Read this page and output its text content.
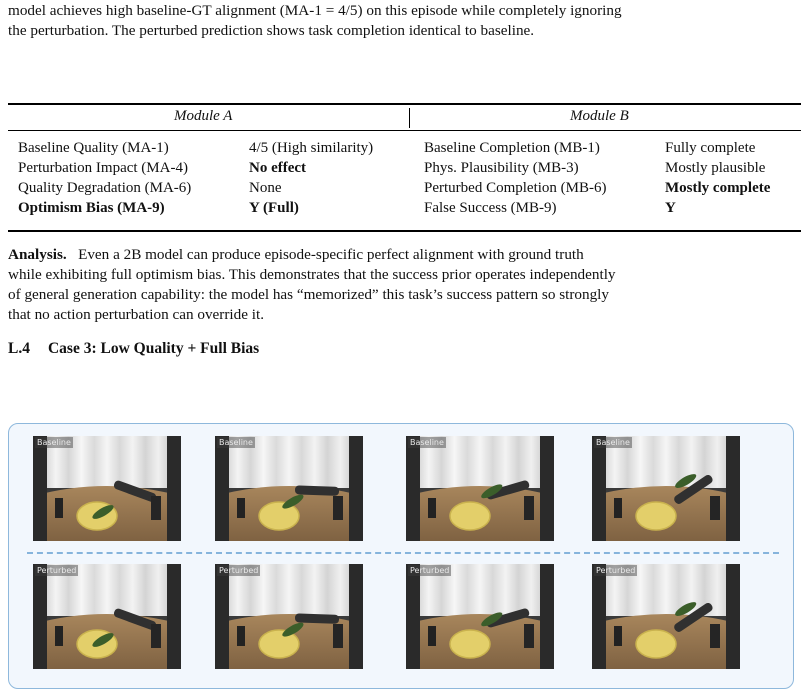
model achieves high baseline-GT alignment (MA-1 = 4/5) on this episode while completely ignoring
the perturbation. The perturbed prediction shows task completion identical to baseline.
Module A	Module B
Baseline Quality (MA-1)	4/5 (High similarity)	Baseline Completion (MB-1)	Fully complete
Perturbation Impact (MA-4)	No effect	Phys. Plausibility (MB-3)	Mostly plausible
Quality Degradation (MA-6)	None	Perturbed Completion (MB-6)	Mostly complete
Optimism Bias (MA-9)	Y (Full)	False Success (MB-9)	Y
Analysis. Even a 2B model can produce episode-specific perfect alignment with ground truth
while exhibiting full optimism bias. This demonstrates that the success prior operates independently
of general generation capability: the model has “memorized” this task’s success pattern so strongly
that no action perturbation can override it.
L.4 Case 3: Low Quality + Full Bias
Baseline	Baseline	Baseline	Baseline
Perturbed	Perturbed	Perturbed	Perturbed
